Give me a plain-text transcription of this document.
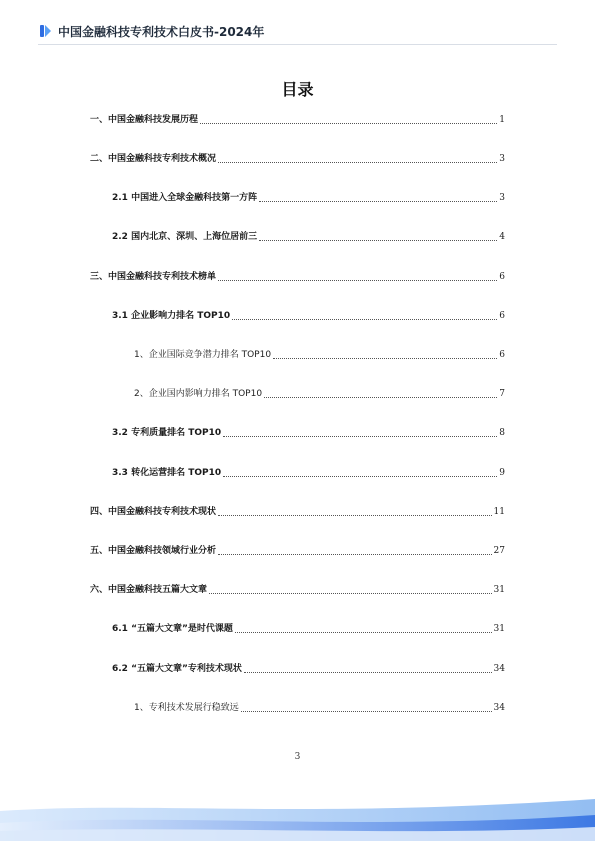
中国金融科技专利技术白皮书-2024年
目录
一、中国金融科技发展历程	1
二、中国金融科技专利技术概况	3
2.1 中国进入全球金融科技第一方阵	3
2.2 国内北京、深圳、上海位居前三	4
三、中国金融科技专利技术榜单	6
3.1 企业影响力排名 TOP10	6
1、企业国际竞争潜力排名 TOP10	6
2、企业国内影响力排名 TOP10	7
3.2 专利质量排名 TOP10	8
3.3 转化运营排名 TOP10	9
四、中国金融科技专利技术现状	11
五、中国金融科技领域行业分析	27
六、中国金融科技五篇大文章	31
6.1 “五篇大文章”是时代课题	31
6.2 “五篇大文章”专利技术现状	34
1、专利技术发展行稳致远	34
3
